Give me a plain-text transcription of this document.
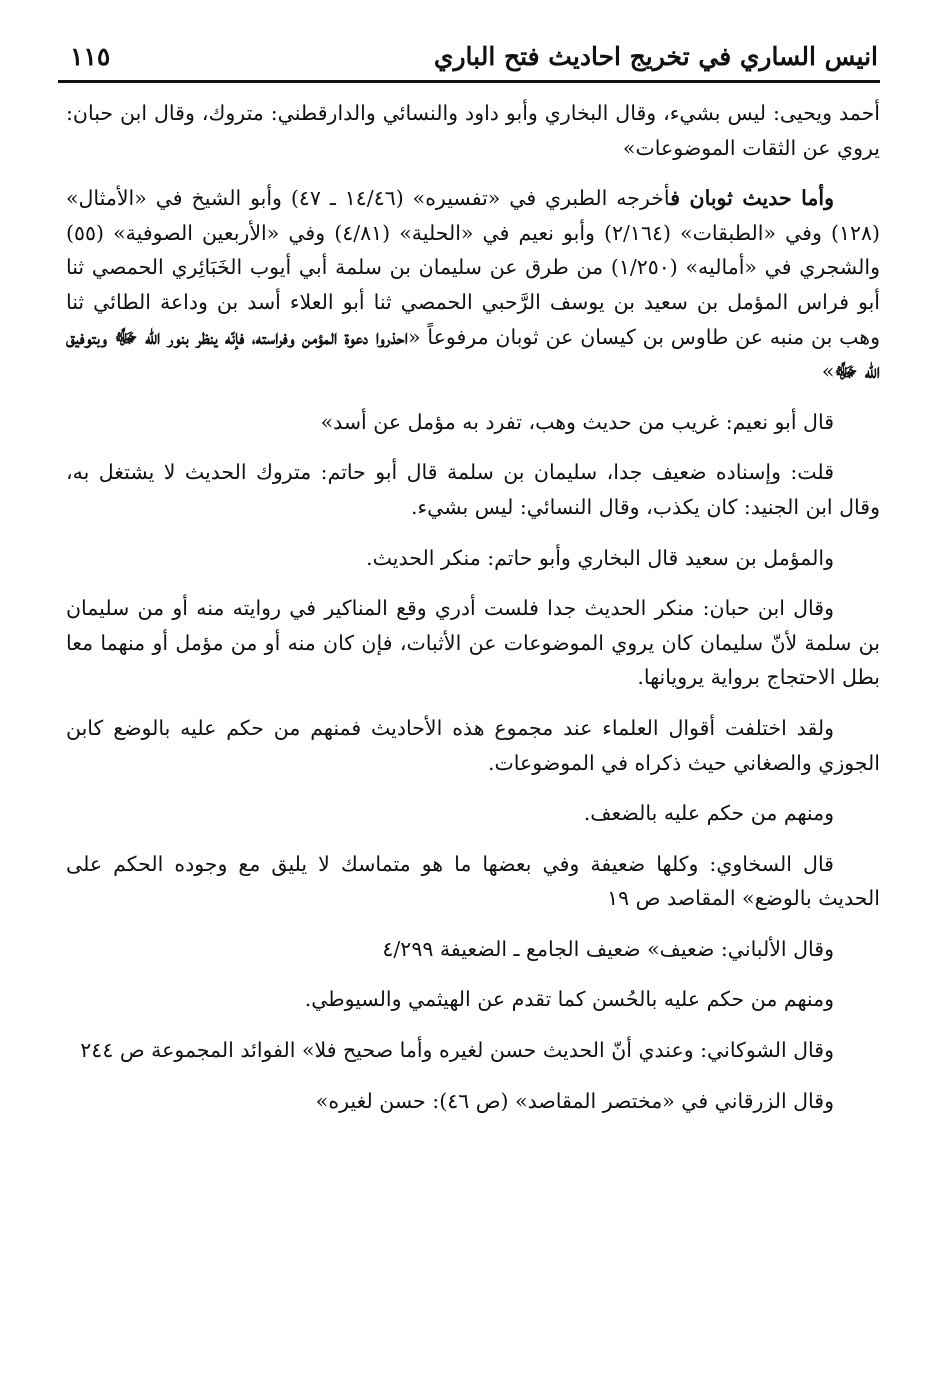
انيس الساري في تخريج احاديث فتح الباري
١١٥

أحمد ويحيى: ليس بشيء، وقال البخاري وأبو داود والنسائي والدارقطني: متروك، وقال ابن حبان: يروي عن الثقات الموضوعات»

وأما حديث ثوبان فأخرجه الطبري في «تفسيره» (١٤/٤٦ ـ ٤٧) وأبو الشيخ في «الأمثال» (١٢٨) وفي «الطبقات» (٢/١٦٤) وأبو نعيم في «الحلية» (٤/٨١) وفي «الأربعين الصوفية» (٥٥) والشجري في «أماليه» (١/٢٥٠) من طرق عن سليمان بن سلمة أبي أيوب الخَبَائِري الحمصي ثنا أبو فراس المؤمل بن سعيد بن يوسف الرَّحبي الحمصي ثنا أبو العلاء أسد بن وداعة الطائي ثنا وهب بن منبه عن طاوس بن كيسان عن ثوبان مرفوعاً «احذروا دعوة المؤمن وفراسته، فإنّه ينظر بنور الله ﷻ وبتوفيق الله ﷻ»

قال أبو نعيم: غريب من حديث وهب، تفرد به مؤمل عن أسد»

قلت: وإسناده ضعيف جدا، سليمان بن سلمة قال أبو حاتم: متروك الحديث لا يشتغل به، وقال ابن الجنيد: كان يكذب، وقال النسائي: ليس بشيء.

والمؤمل بن سعيد قال البخاري وأبو حاتم: منكر الحديث.

وقال ابن حبان: منكر الحديث جدا فلست أدري وقع المناكير في روايته منه أو من سليمان بن سلمة لأنّ سليمان كان يروي الموضوعات عن الأثبات، فإن كان منه أو من مؤمل أو منهما معا بطل الاحتجاج برواية يرويانها.

ولقد اختلفت أقوال العلماء عند مجموع هذه الأحاديث فمنهم من حكم عليه بالوضع كابن الجوزي والصغاني حيث ذكراه في الموضوعات.

ومنهم من حكم عليه بالضعف.

قال السخاوي: وكلها ضعيفة وفي بعضها ما هو متماسك لا يليق مع وجوده الحكم على الحديث بالوضع» المقاصد ص ١٩

وقال الألباني: ضعيف» ضعيف الجامع ـ الضعيفة ٤/٢٩٩

ومنهم من حكم عليه بالحُسن كما تقدم عن الهيثمي والسيوطي.

وقال الشوكاني: وعندي أنّ الحديث حسن لغيره وأما صحيح فلا» الفوائد المجموعة ص ٢٤٤

وقال الزرقاني في «مختصر المقاصد» (ص ٤٦): حسن لغيره»
